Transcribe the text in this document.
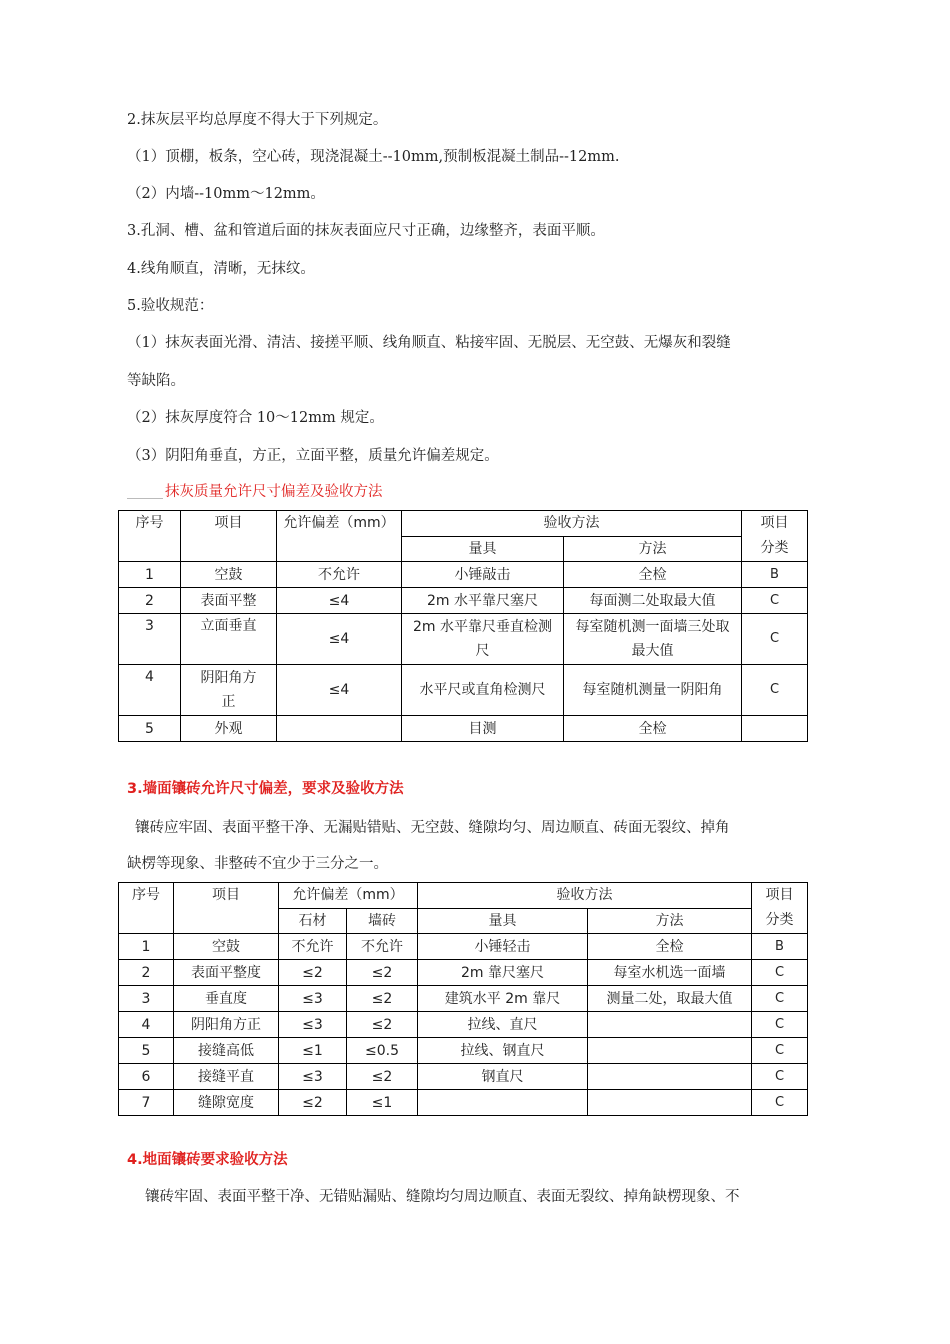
2.抹灰层平均总厚度不得大于下列规定。
（1）顶棚，板条，空心砖，现浇混凝土--10mm,预制板混凝土制品--12mm.
（2）内墙--10mm～12mm。
3.孔洞、槽、盆和管道后面的抹灰表面应尺寸正确，边缘整齐，表面平顺。
4.线角顺直，清晰，无抹纹。
5.验收规范：
（1）抹灰表面光滑、清洁、接搓平顺、线角顺直、粘接牢固、无脱层、无空鼓、无爆灰和裂缝
等缺陷。
（2）抹灰厚度符合 10～12mm 规定。
（3）阴阳角垂直，方正，立面平整，质量允许偏差规定。
抹灰质量允许尺寸偏差及验收方法
序号	项目	允许偏差（mm）	验收方法		项目
分类
			量具	方法	
1	空鼓	不允许	小锤敲击	全检	B
2	表面平整	≤4	2m 水平靠尺塞尺	每面测二处取最大值	C
3	立面垂直	≤4	2m 水平靠尺垂直检测尺	每室随机测一面墙三处取最大值	C
4	阴阳角方正	≤4	水平尺或直角检测尺	每室随机测量一阴阳角	C
5	外观		目测	全检	
3.墙面镶砖允许尺寸偏差，要求及验收方法
镶砖应牢固、表面平整干净、无漏贴错贴、无空鼓、缝隙均匀、周边顺直、砖面无裂纹、掉角
缺楞等现象、非整砖不宜少于三分之一。
序号	项目	允许偏差（mm）		验收方法		项目
分类
		石材	墙砖	量具	方法	
1	空鼓	不允许	不允许	小锤轻击	全检	B
2	表面平整度	≤2	≤2	2m 靠尺塞尺	每室水机选一面墙	C
3	垂直度	≤3	≤2	建筑水平 2m 靠尺	测量二处，取最大值	C
4	阴阳角方正	≤3	≤2	拉线、直尺		C
5	接缝高低	≤1	≤0.5	拉线、钢直尺		C
6	接缝平直	≤3	≤2	钢直尺		C
7	缝隙宽度	≤2	≤1			C
4.地面镶砖要求验收方法
镶砖牢固、表面平整干净、无错贴漏贴、缝隙均匀周边顺直、表面无裂纹、掉角缺楞现象、不
